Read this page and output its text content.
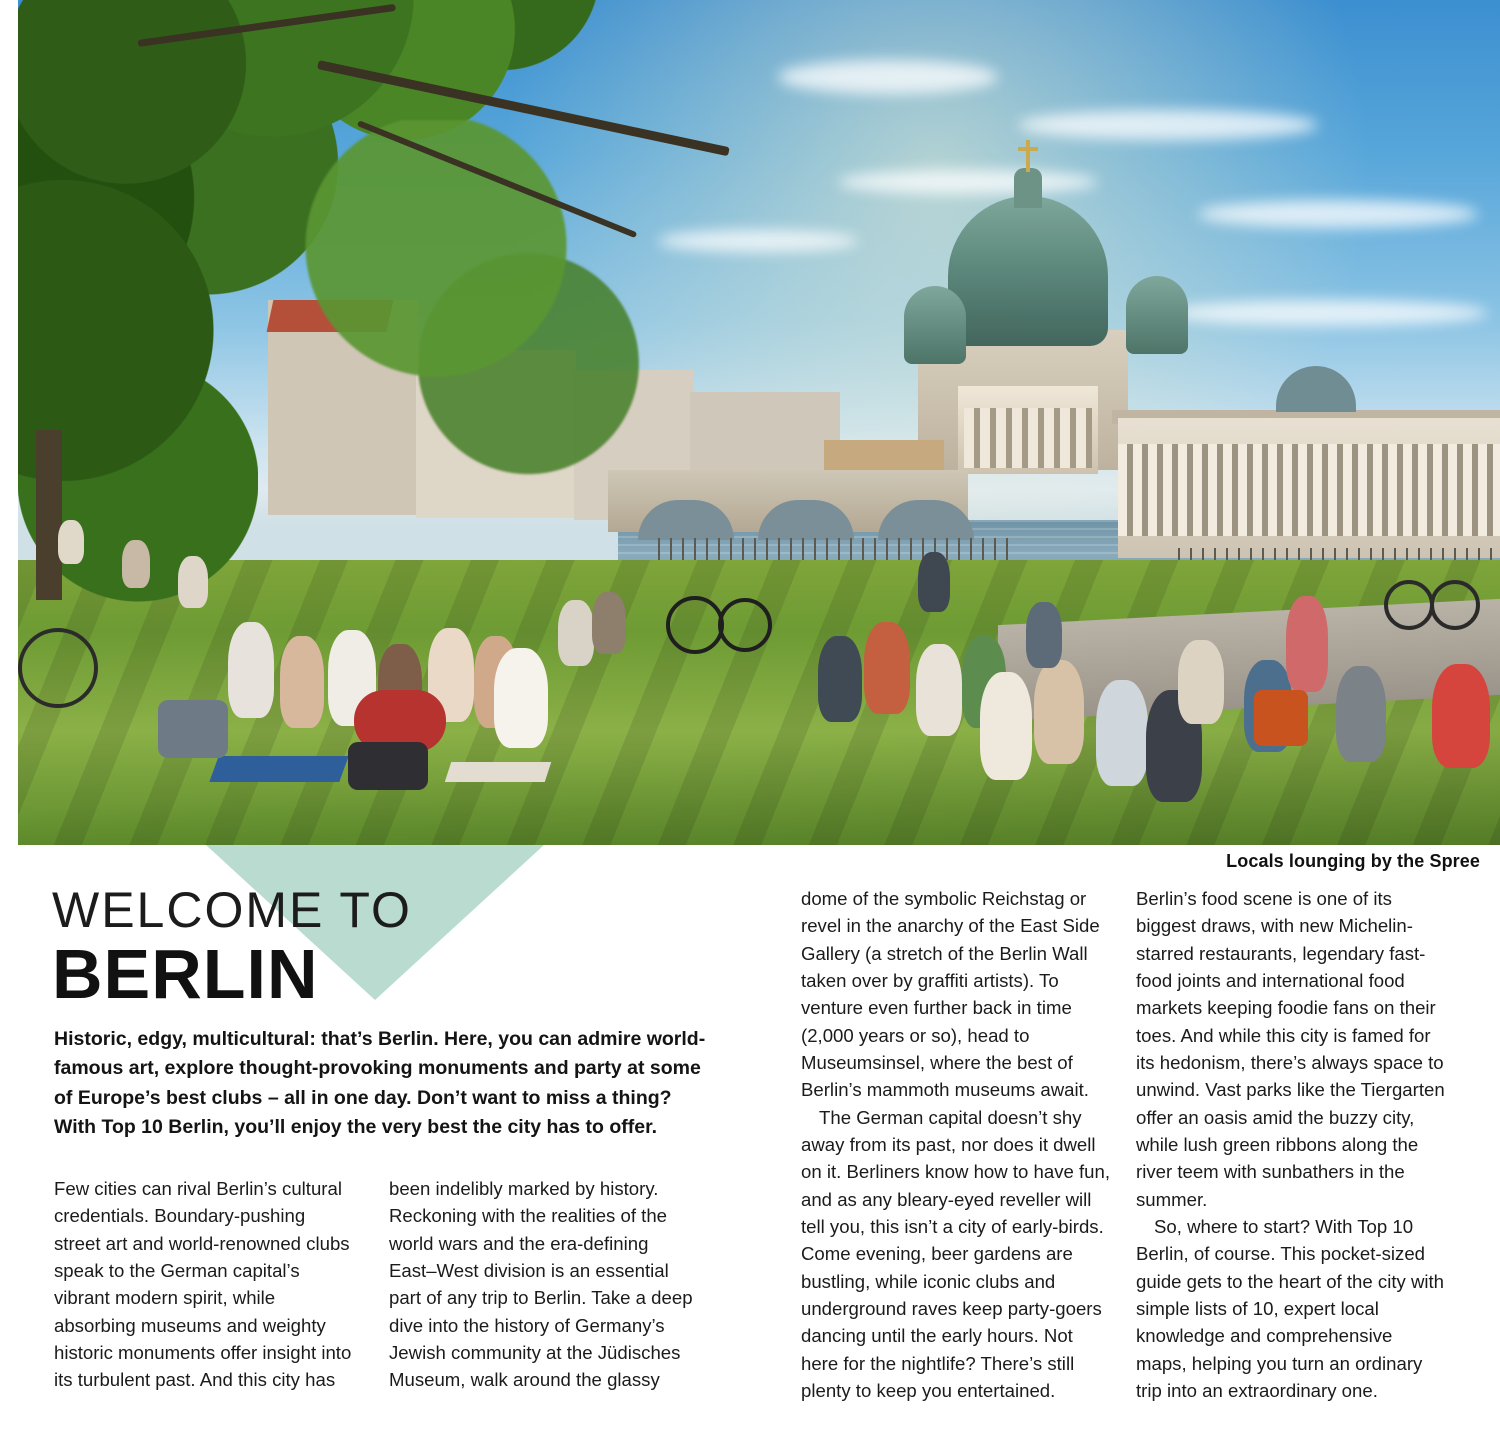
Locals lounging by the Spree
WELCOME TO
BERLIN
Historic, edgy, multicultural: that’s Berlin. Here, you can admire world-famous art, explore thought-provoking monuments and party at some of Europe’s best clubs – all in one day. Don’t want to miss a thing? With Top 10 Berlin, you’ll enjoy the very best the city has to offer.

Few cities can rival Berlin’s cultural credentials. Boundary-pushing street art and world-renowned clubs speak to the German capital’s vibrant modern spirit, while absorbing museums and weighty historic monuments offer insight into its turbulent past. And this city has

been indelibly marked by history. Reckoning with the realities of the world wars and the era-defining East–West division is an essential part of any trip to Berlin. Take a deep dive into the history of Germany’s Jewish community at the Jüdisches Museum, walk around the glassy

dome of the symbolic Reichstag or revel in the anarchy of the East Side Gallery (a stretch of the Berlin Wall taken over by graffiti artists). To venture even further back in time (2,000 years or so), head to Museumsinsel, where the best of Berlin’s mammoth museums await.

The German capital doesn’t shy away from its past, nor does it dwell on it. Berliners know how to have fun, and as any bleary-eyed reveller will tell you, this isn’t a city of early-birds. Come evening, beer gardens are bustling, while iconic clubs and underground raves keep party-goers dancing until the early hours. Not here for the nightlife? There’s still plenty to keep you entertained.

Berlin’s food scene is one of its biggest draws, with new Michelin-starred restaurants, legendary fast-food joints and international food markets keeping foodie fans on their toes. And while this city is famed for its hedonism, there’s always space to unwind. Vast parks like the Tiergarten offer an oasis amid the buzzy city, while lush green ribbons along the river teem with sunbathers in the summer.

So, where to start? With Top 10 Berlin, of course. This pocket-sized guide gets to the heart of the city with simple lists of 10, expert local knowledge and comprehensive maps, helping you turn an ordinary trip into an extraordinary one.
